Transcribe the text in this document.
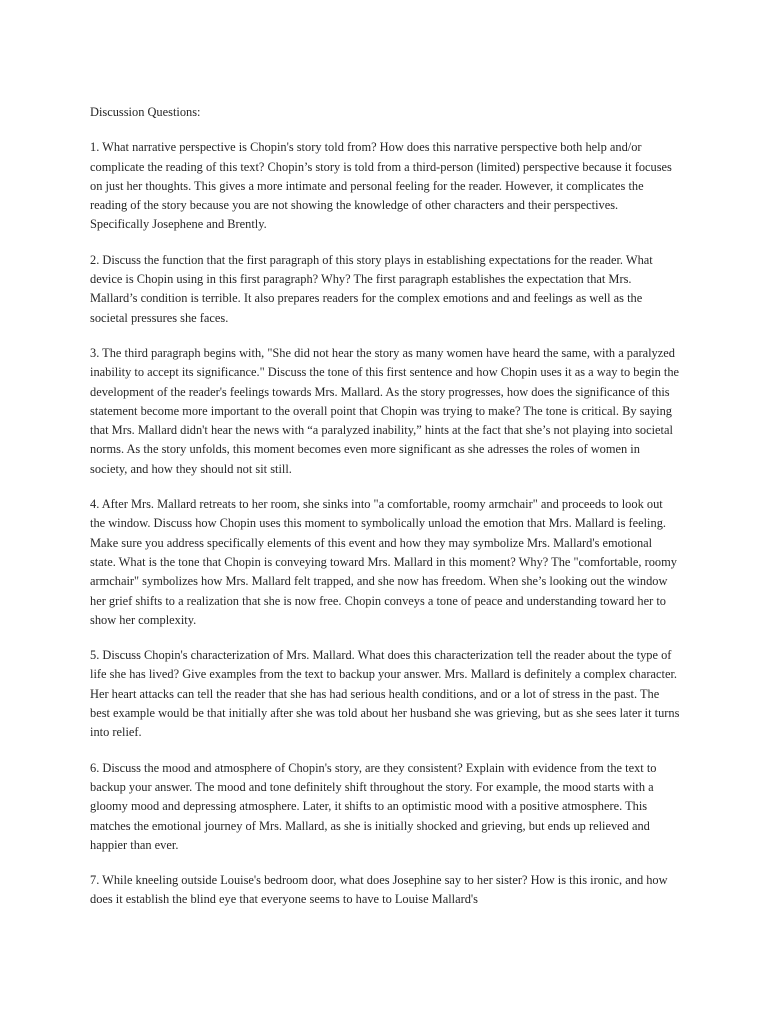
Discussion Questions:

1. What narrative perspective is Chopin's story told from? How does this narrative perspective both help and/or complicate the reading of this text? Chopin’s story is told from a third-person (limited) perspective because it focuses on just her thoughts. This gives a more intimate and personal feeling for the reader. However, it complicates the reading of the story because you are not showing the knowledge of other characters and their perspectives. Specifically Josephene and Brently.

2. Discuss the function that the first paragraph of this story plays in establishing expectations for the reader. What device is Chopin using in this first paragraph? Why? The first paragraph establishes the expectation that Mrs. Mallard’s condition is terrible. It also prepares readers for the complex emotions and and feelings as well as the societal pressures she faces.

3. The third paragraph begins with, "She did not hear the story as many women have heard the same, with a paralyzed inability to accept its significance." Discuss the tone of this first sentence and how Chopin uses it as a way to begin the development of the reader's feelings towards Mrs. Mallard. As the story progresses, how does the significance of this statement become more important to the overall point that Chopin was trying to make? The tone is critical. By saying that Mrs. Mallard didn't hear the news with “a paralyzed inability,” hints at the fact that she’s not playing into societal norms. As the story unfolds, this moment becomes even more significant as she adresses the roles of women in society, and how they should not sit still.

4. After Mrs. Mallard retreats to her room, she sinks into "a comfortable, roomy armchair" and proceeds to look out the window. Discuss how Chopin uses this moment to symbolically unload the emotion that Mrs. Mallard is feeling. Make sure you address specifically elements of this event and how they may symbolize Mrs. Mallard's emotional state. What is the tone that Chopin is conveying toward Mrs. Mallard in this moment? Why? The "comfortable, roomy armchair" symbolizes how Mrs. Mallard felt trapped, and she now has freedom. When she’s looking out the window her grief shifts to a realization that she is now free. Chopin conveys a tone of peace and understanding toward her to show her complexity.

5. Discuss Chopin's characterization of Mrs. Mallard. What does this characterization tell the reader about the type of life she has lived? Give examples from the text to backup your answer. Mrs. Mallard is definitely a complex character. Her heart attacks can tell the reader that she has had serious health conditions, and or a lot of stress in the past. The best example would be that initially after she was told about her husband she was grieving, but as she sees later it turns into relief.

6. Discuss the mood and atmosphere of Chopin's story, are they consistent? Explain with evidence from the text to backup your answer. The mood and tone definitely shift throughout the story. For example, the mood starts with a gloomy mood and depressing atmosphere. Later, it shifts to an optimistic mood with a positive atmosphere. This matches the emotional journey of Mrs. Mallard, as she is initially shocked and grieving, but ends up relieved and happier than ever.

7. While kneeling outside Louise's bedroom door, what does Josephine say to her sister? How is this ironic, and how does it establish the blind eye that everyone seems to have to Louise Mallard's
